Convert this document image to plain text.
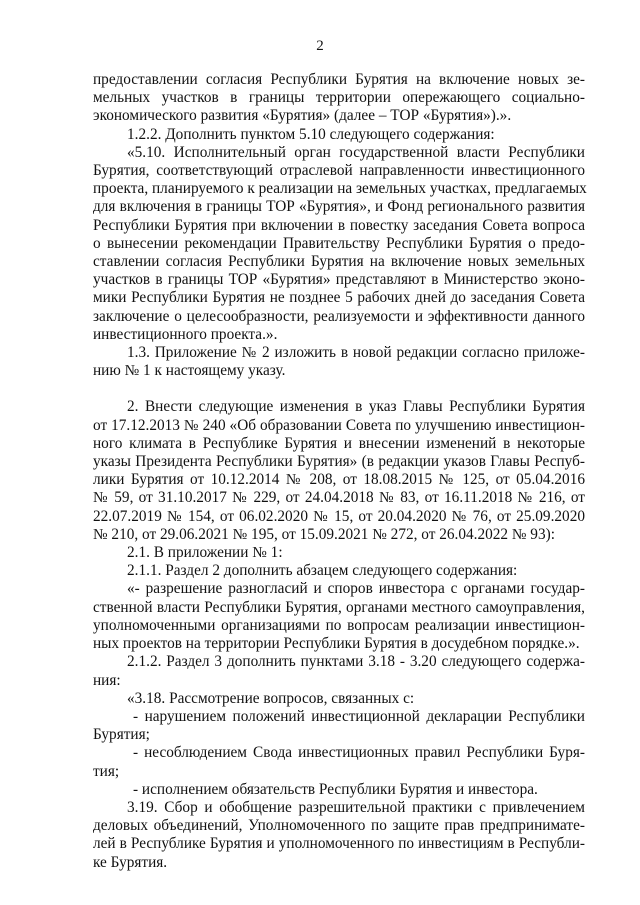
2
предоставлении согласия Республики Бурятия на включение новых зе-
мельных участков в границы территории опережающего социально-
экономического развития «Бурятия» (далее – ТОР «Бурятия»).».
1.2.2. Дополнить пунктом 5.10 следующего содержания:
«5.10. Исполнительный орган государственной власти Республики
Бурятия, соответствующий отраслевой направленности инвестиционного
проекта, планируемого к реализации на земельных участках, предлагаемых
для включения в границы ТОР «Бурятия», и Фонд регионального развития
Республики Бурятия при включении в повестку заседания Совета вопроса
о вынесении рекомендации Правительству Республики Бурятия о предо-
ставлении согласия Республики Бурятия на включение новых земельных
участков в границы ТОР «Бурятия» представляют в Министерство эконо-
мики Республики Бурятия не позднее 5 рабочих дней до заседания Совета
заключение о целесообразности, реализуемости и эффективности данного
инвестиционного проекта.».
1.3. Приложение № 2 изложить в новой редакции согласно приложе-
нию № 1 к настоящему указу.
2. Внести следующие изменения в указ Главы Республики Бурятия
от 17.12.2013 № 240 «Об образовании Совета по улучшению инвестицион-
ного климата в Республике Бурятия и внесении изменений в некоторые
указы Президента Республики Бурятия» (в редакции указов Главы Респуб-
лики Бурятия от 10.12.2014 № 208, от 18.08.2015 № 125, от 05.04.2016
№ 59, от 31.10.2017 № 229, от 24.04.2018 № 83, от 16.11.2018 № 216, от
22.07.2019 № 154, от 06.02.2020 № 15, от 20.04.2020 № 76, от 25.09.2020
№ 210, от 29.06.2021 № 195, от 15.09.2021 № 272, от 26.04.2022 № 93):
2.1. В приложении № 1:
2.1.1. Раздел 2 дополнить абзацем следующего содержания:
«- разрешение разногласий и споров инвестора с органами государ-
ственной власти Республики Бурятия, органами местного самоуправления,
уполномоченными организациями по вопросам реализации инвестицион-
ных проектов на территории Республики Бурятия в досудебном порядке.».
2.1.2. Раздел 3 дополнить пунктами 3.18 - 3.20 следующего содержа-
ния:
«3.18. Рассмотрение вопросов, связанных с:
- нарушением положений инвестиционной декларации Республики
Бурятия;
- несоблюдением Свода инвестиционных правил Республики Буря-
тия;
- исполнением обязательств Республики Бурятия и инвестора.
3.19. Сбор и обобщение разрешительной практики с привлечением
деловых объединений, Уполномоченного по защите прав предпринимате-
лей в Республике Бурятия и уполномоченного по инвестициям в Республи-
ке Бурятия.
